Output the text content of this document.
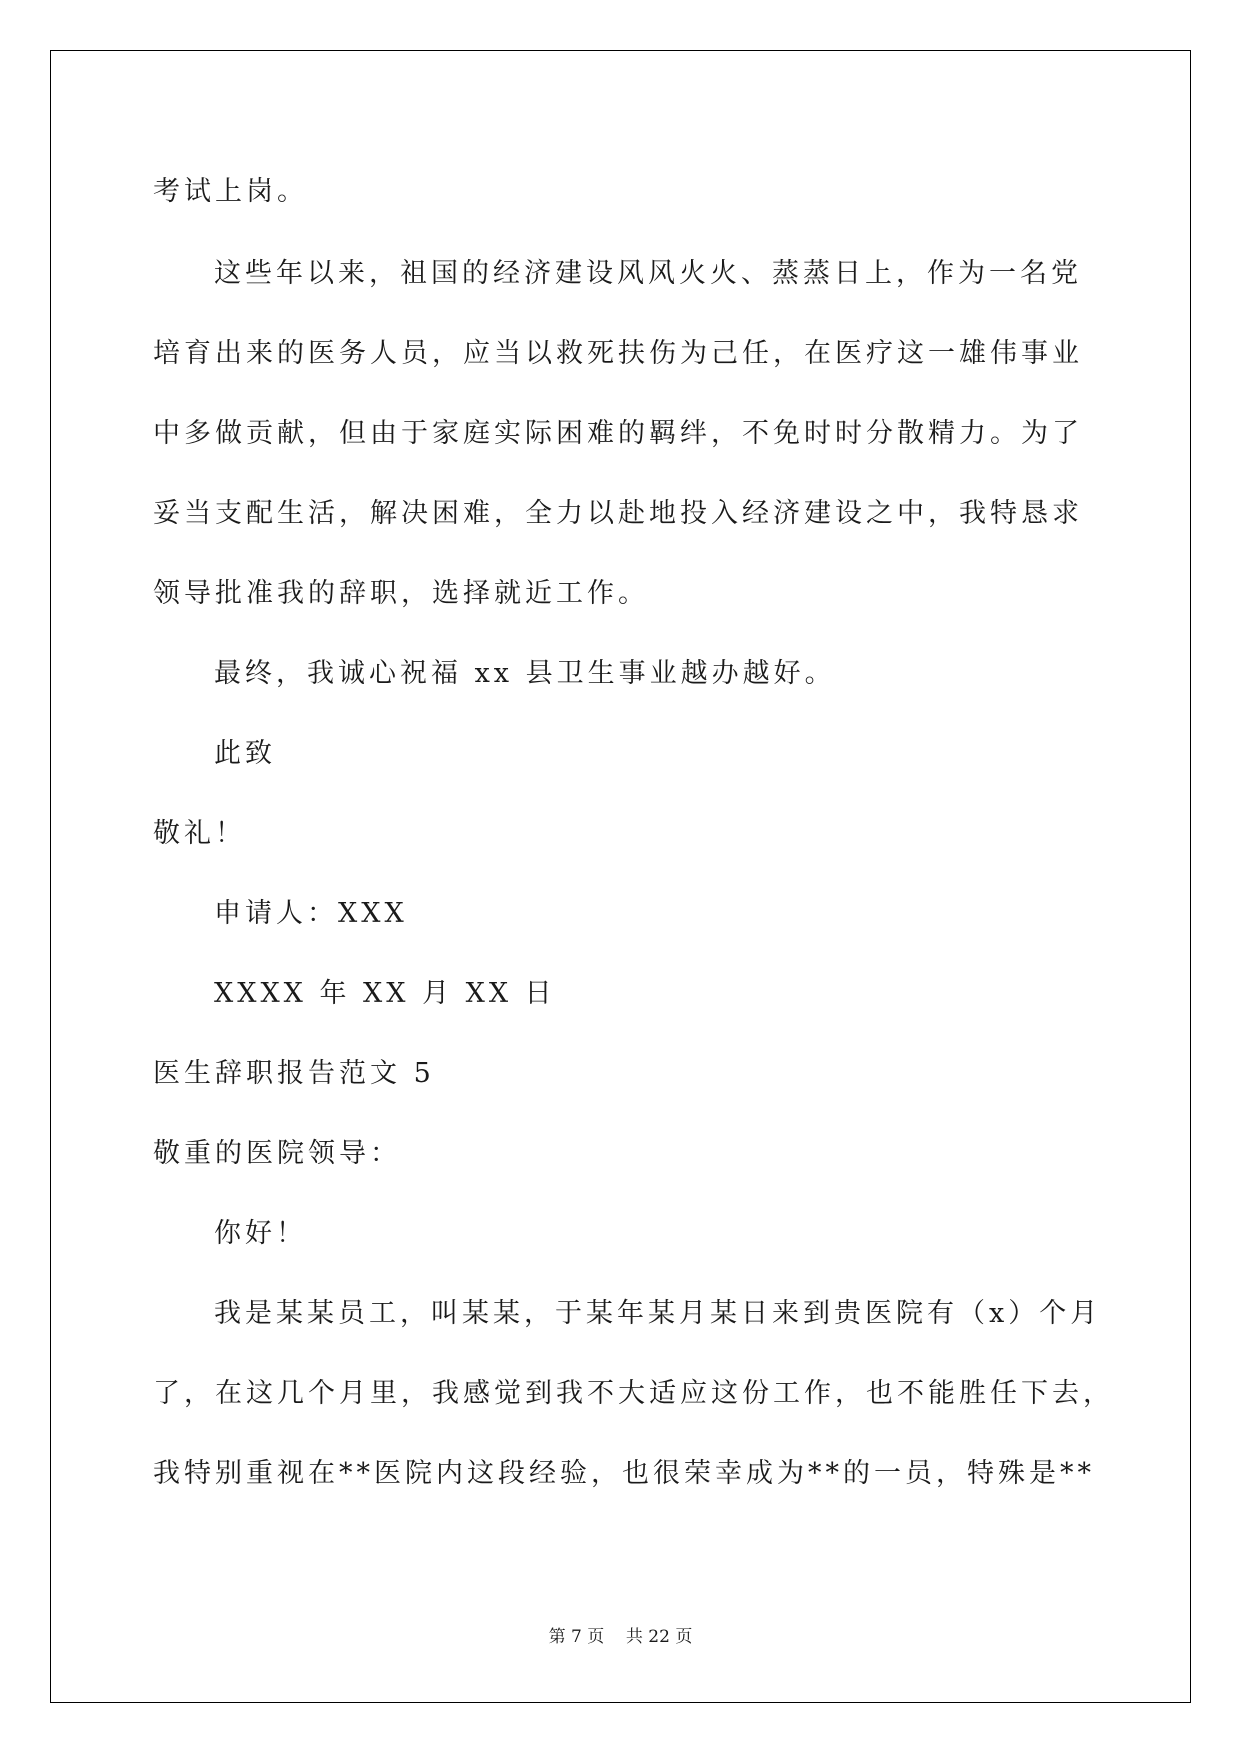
考试上岗。

这些年以来，祖国的经济建设风风火火、蒸蒸日上，作为一名党

培育出来的医务人员，应当以救死扶伤为己任，在医疗这一雄伟事业

中多做贡献，但由于家庭实际困难的羁绊，不免时时分散精力。为了

妥当支配生活，解决困难，全力以赴地投入经济建设之中，我特恳求

领导批准我的辞职，选择就近工作。

最终，我诚心祝福 xx 县卫生事业越办越好。

此致

敬礼！

申请人：XXX

XXXX 年 XX 月 XX 日

医生辞职报告范文 5

敬重的医院领导：

你好！

我是某某员工，叫某某，于某年某月某日来到贵医院有（x）个月

了，在这几个月里，我感觉到我不大适应这份工作，也不能胜任下去，

我特别重视在**医院内这段经验，也很荣幸成为**的一员，特殊是**

第 7 页 共 22 页
